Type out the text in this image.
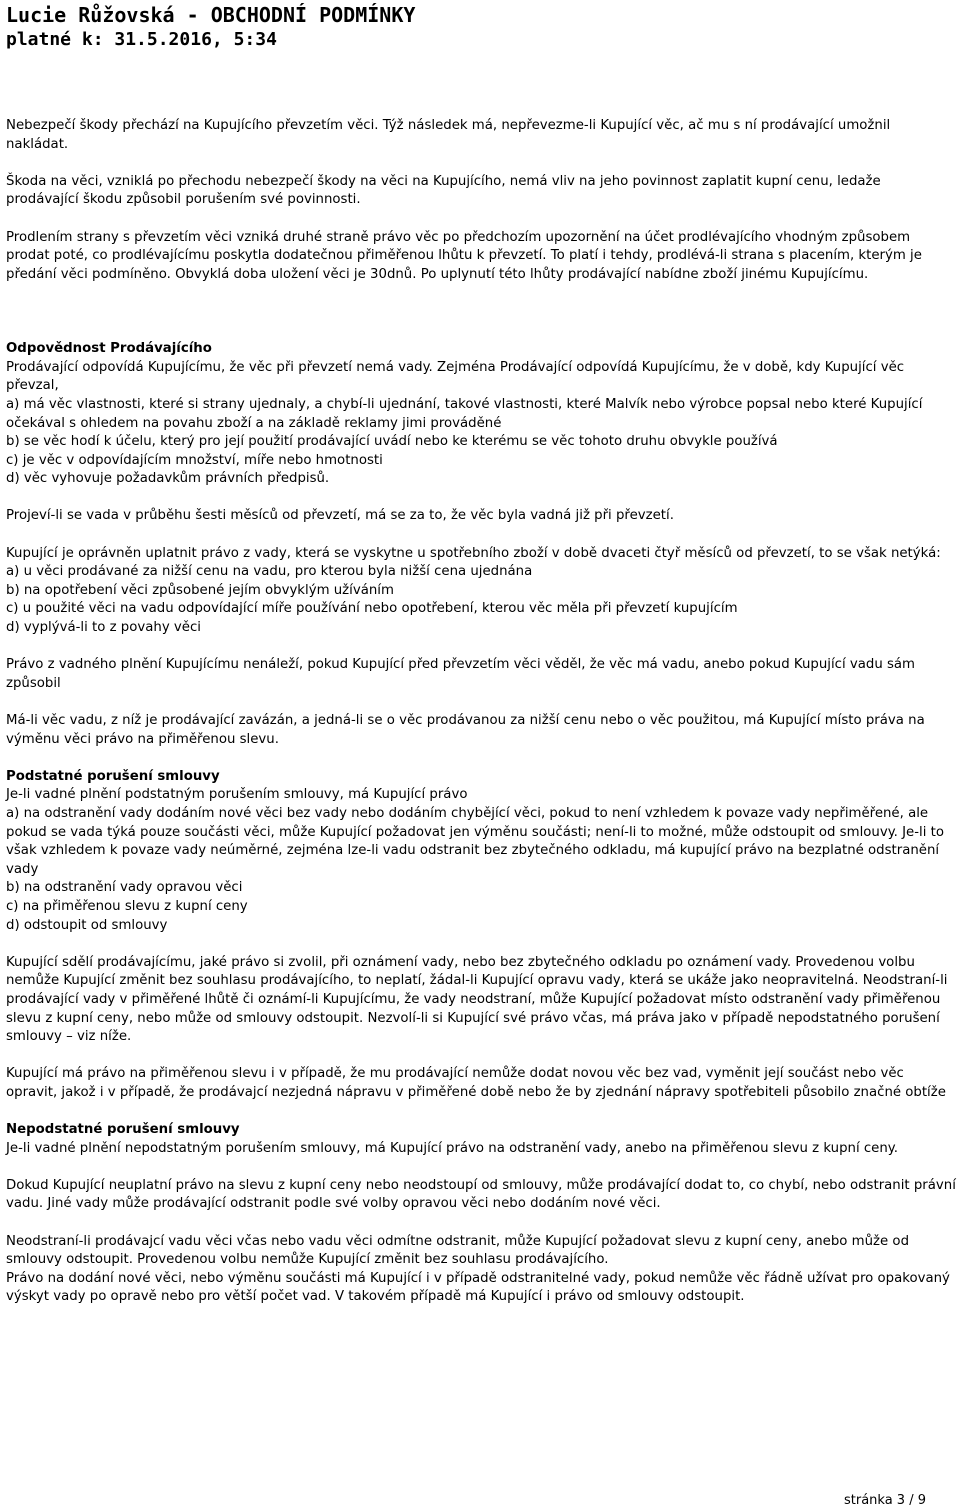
Lucie Růžovská - OBCHODNÍ PODMÍNKY
platné k: 31.5.2016, 5:34

Nebezpečí škody přechází na Kupujícího převzetím věci. Týž následek má, nepřevezme-li Kupující věc, ač mu s ní prodávající umožnil nakládat.

Škoda na věci, vzniklá po přechodu nebezpečí škody na věci na Kupujícího, nemá vliv na jeho povinnost zaplatit kupní cenu, ledaže prodávající škodu způsobil porušením své povinnosti.

Prodlením strany s převzetím věci vzniká druhé straně právo věc po předchozím upozornění na účet prodlévajícího vhodným způsobem prodat poté, co prodlévajícímu poskytla dodatečnou přiměřenou lhůtu k převzetí. To platí i tehdy, prodlévá-li strana s placením, kterým je předání věci podmíněno. Obvyklá doba uložení věci je 30dnů. Po uplynutí této lhůty prodávající nabídne zboží jinému Kupujícímu.

Odpovědnost Prodávajícího

Prodávající odpovídá Kupujícímu, že věc při převzetí nemá vady. Zejména Prodávající odpovídá Kupujícímu, že v době, kdy Kupující věc převzal,

a) má věc vlastnosti, které si strany ujednaly, a chybí-li ujednání, takové vlastnosti, které Malvík nebo výrobce popsal nebo které Kupující očekával s ohledem na povahu zboží a na základě reklamy jimi prováděné

b) se věc hodí k účelu, který pro její použití prodávající uvádí nebo ke kterému se věc tohoto druhu obvykle používá

c) je věc v odpovídajícím množství, míře nebo hmotnosti

d) věc vyhovuje požadavkům právních předpisů.

Projeví-li se vada v průběhu šesti měsíců od převzetí, má se za to, že věc byla vadná již při převzetí.

Kupující je oprávněn uplatnit právo z vady, která se vyskytne u spotřebního zboží v době dvaceti čtyř měsíců od převzetí, to se však netýká:

a) u věci prodávané za nižší cenu na vadu, pro kterou byla nižší cena ujednána

b) na opotřebení věci způsobené jejím obvyklým užíváním

c) u použité věci na vadu odpovídající míře používání nebo opotřebení, kterou věc měla při převzetí kupujícím

d) vyplývá-li to z povahy věci

Právo z vadného plnění Kupujícímu nenáleží, pokud Kupující před převzetím věci věděl, že věc má vadu, anebo pokud Kupující vadu sám způsobil

Má-li věc vadu, z níž je prodávající zavázán, a jedná-li se o věc prodávanou za nižší cenu nebo o věc použitou, má Kupující místo práva na výměnu věci právo na přiměřenou slevu.

Podstatné porušení smlouvy

Je-li vadné plnění podstatným porušením smlouvy, má Kupující právo

a) na odstranění vady dodáním nové věci bez vady nebo dodáním chybějící věci, pokud to není vzhledem k povaze vady nepřiměřené, ale pokud se vada týká pouze součásti věci, může Kupující požadovat jen výměnu součásti; není-li to možné, může odstoupit od smlouvy. Je-li to však vzhledem k povaze vady neúměrné, zejména lze-li vadu odstranit bez zbytečného odkladu, má kupující právo na bezplatné odstranění vady

b) na odstranění vady opravou věci

c) na přiměřenou slevu z kupní ceny

d) odstoupit od smlouvy

Kupující sdělí prodávajícímu, jaké právo si zvolil, při oznámení vady, nebo bez zbytečného odkladu po oznámení vady. Provedenou volbu nemůže Kupující změnit bez souhlasu prodávajícího, to neplatí, žádal-li Kupující opravu vady, která se ukáže jako neopravitelná. Neodstraní-li prodávající vady v přiměřené lhůtě či oznámí-li Kupujícímu, že vady neodstraní, může Kupující požadovat místo odstranění vady přiměřenou slevu z kupní ceny, nebo může od smlouvy odstoupit. Nezvolí-li si Kupující své právo včas, má práva jako v případě nepodstatného porušení smlouvy – viz níže.

Kupující má právo na přiměřenou slevu i v případě, že mu prodávající nemůže dodat novou věc bez vad, vyměnit její součást nebo věc opravit, jakož i v případě, že prodávajcí nezjedná nápravu v přiměřené době nebo že by zjednání nápravy spotřebiteli působilo značné obtíže

Nepodstatné porušení smlouvy

Je-li vadné plnění nepodstatným porušením smlouvy, má Kupující právo na odstranění vady, anebo na přiměřenou slevu z kupní ceny.

Dokud Kupující neuplatní právo na slevu z kupní ceny nebo neodstoupí od smlouvy, může prodávající dodat to, co chybí, nebo odstranit právní vadu. Jiné vady může prodávající odstranit podle své volby opravou věci nebo dodáním nové věci.

Neodstraní-li prodávajcí vadu věci včas nebo vadu věci odmítne odstranit, může Kupující požadovat slevu z kupní ceny, anebo může od smlouvy odstoupit. Provedenou volbu nemůže Kupující změnit bez souhlasu prodávajícího.

Právo na dodání nové věci, nebo výměnu součásti má Kupující i v případě odstranitelné vady, pokud nemůže věc řádně užívat pro opakovaný výskyt vady po opravě nebo pro větší počet vad. V takovém případě má Kupující i právo od smlouvy odstoupit.

stránka 3 / 9
